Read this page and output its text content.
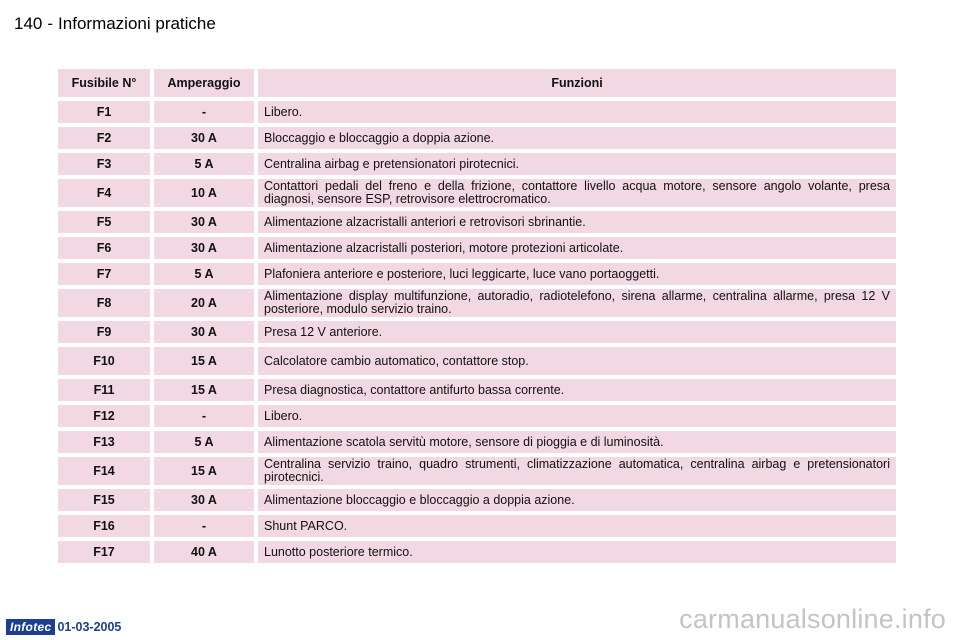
140 - Informazioni pratiche
Fusibile N°	Amperaggio	Funzioni
F1	-	Libero.
F2	30 A	Bloccaggio e bloccaggio a doppia azione.
F3	5 A	Centralina airbag e pretensionatori pirotecnici.
F4	10 A	Contattori pedali del freno e della frizione, contattore livello acqua motore, sensore angolo volante, presa diagnosi, sensore ESP, retrovisore elettrocromatico.
F5	30 A	Alimentazione alzacristalli anteriori e retrovisori sbrinantie.
F6	30 A	Alimentazione alzacristalli posteriori, motore protezioni articolate.
F7	5 A	Plafoniera anteriore e posteriore, luci leggicarte, luce vano portaoggetti.
F8	20 A	Alimentazione display multifunzione, autoradio, radiotelefono, sirena allarme, centralina allarme, presa 12 V posteriore, modulo servizio traino.
F9	30 A	Presa 12 V anteriore.
F10	15 A	Calcolatore cambio automatico, contattore stop.
F11	15 A	Presa diagnostica, contattore antifurto bassa corrente.
F12	-	Libero.
F13	5 A	Alimentazione scatola servitù motore, sensore di pioggia e di luminosità.
F14	15 A	Centralina servizio traino, quadro strumenti, climatizzazione automatica, centralina airbag e pretensionatori pirotecnici.
F15	30 A	Alimentazione bloccaggio e bloccaggio a doppia azione.
F16	-	Shunt PARCO.
F17	40 A	Lunotto posteriore termico.
Infotec 01-03-2005	carmanualsonline.info
